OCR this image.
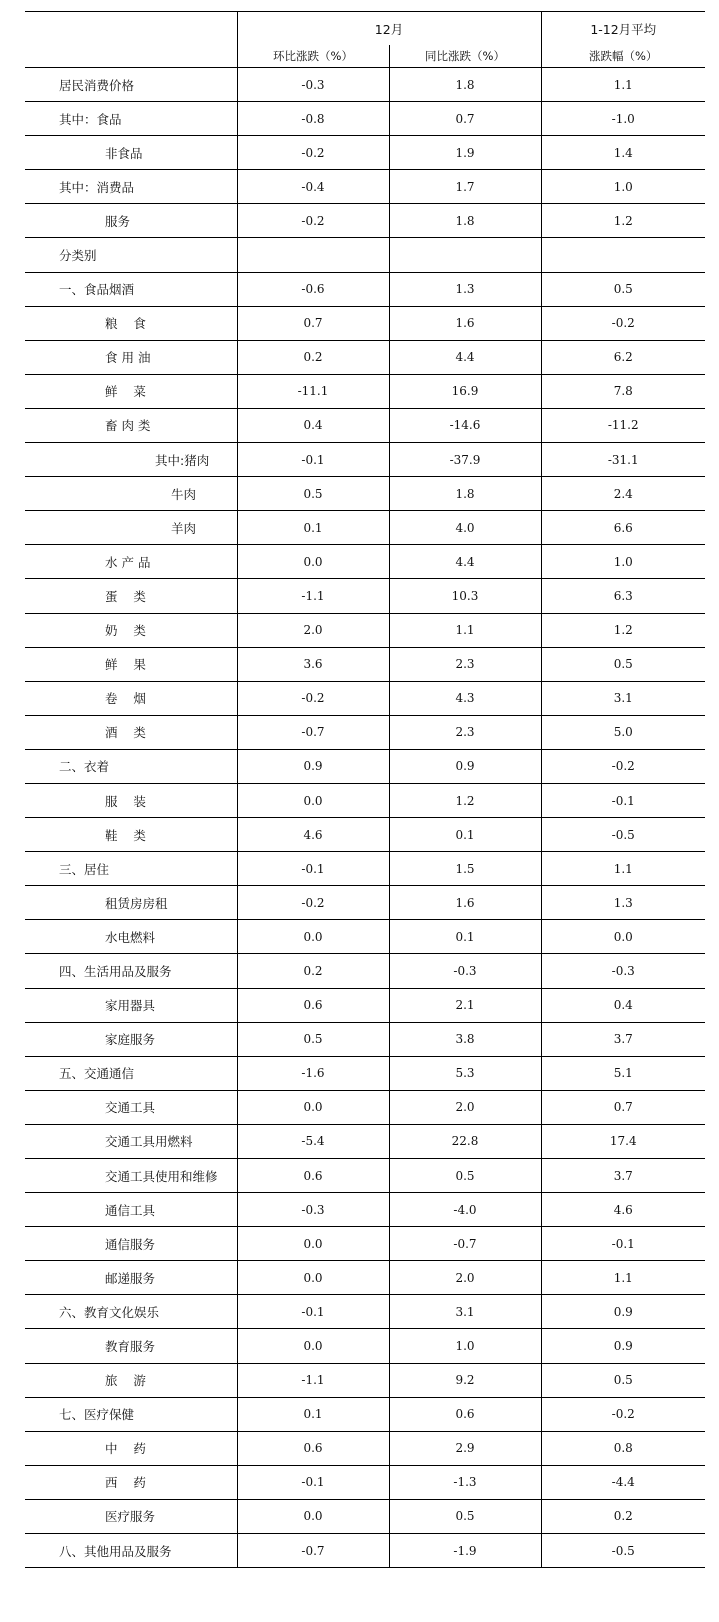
	12月		1-12月平均
	环比涨跌（%）	同比涨跌（%）	涨跌幅（%）
居民消费价格	-0.3	1.8	1.1
其中：食品	-0.8	0.7	-1.0
非食品	-0.2	1.9	1.4
其中：消费品	-0.4	1.7	1.0
服务	-0.2	1.8	1.2
分类别			
一、食品烟酒	-0.6	1.3	0.5
粮    食	0.7	1.6	-0.2
食 用 油	0.2	4.4	6.2
鲜    菜	-11.1	16.9	7.8
畜 肉 类	0.4	-14.6	-11.2
其中:猪肉	-0.1	-37.9	-31.1
牛肉	0.5	1.8	2.4
羊肉	0.1	4.0	6.6
水 产 品	0.0	4.4	1.0
蛋    类	-1.1	10.3	6.3
奶    类	2.0	1.1	1.2
鲜    果	3.6	2.3	0.5
卷    烟	-0.2	4.3	3.1
酒    类	-0.7	2.3	5.0
二、衣着	0.9	0.9	-0.2
服    装	0.0	1.2	-0.1
鞋    类	4.6	0.1	-0.5
三、居住	-0.1	1.5	1.1
租赁房房租	-0.2	1.6	1.3
水电燃料	0.0	0.1	0.0
四、生活用品及服务	0.2	-0.3	-0.3
家用器具	0.6	2.1	0.4
家庭服务	0.5	3.8	3.7
五、交通通信	-1.6	5.3	5.1
交通工具	0.0	2.0	0.7
交通工具用燃料	-5.4	22.8	17.4
交通工具使用和维修	0.6	0.5	3.7
通信工具	-0.3	-4.0	4.6
通信服务	0.0	-0.7	-0.1
邮递服务	0.0	2.0	1.1
六、教育文化娱乐	-0.1	3.1	0.9
教育服务	0.0	1.0	0.9
旅    游	-1.1	9.2	0.5
七、医疗保健	0.1	0.6	-0.2
中    药	0.6	2.9	0.8
西    药	-0.1	-1.3	-4.4
医疗服务	0.0	0.5	0.2
八、其他用品及服务	-0.7	-1.9	-0.5
